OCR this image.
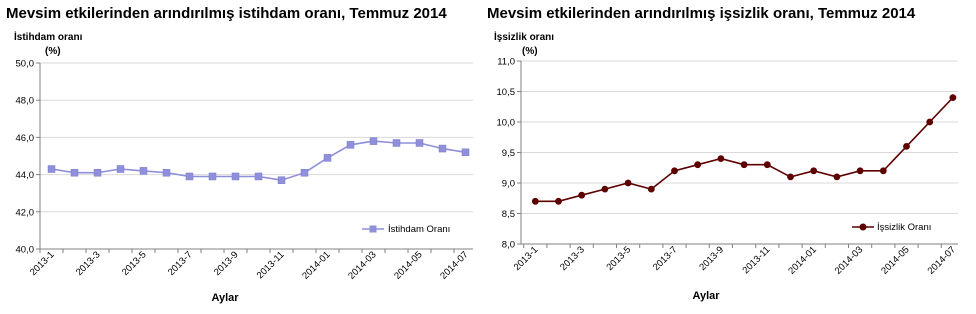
Mevsim etkilerinden arındırılmış istihdam oranı, Temmuz 2014
İstihdam oranı
(%)
Aylar
40,0
42,0
44,0
46,0
48,0
50,0
2013-1 2013-3 2013-5 2013-7 2013-9 2013-11 2014-01 2014-03 2014-05 2014-07
İstihdam Oranı
Mevsim etkilerinden arındırılmış işsizlik oranı, Temmuz 2014
İşsizlik oranı
(%)
Aylar
8,0
8,5
9,0
9,5
10,0
10,5
11,0
2013-1 2013-3 2013-5 2013-7 2013-9 2013-11 2014-01 2014-03 2014-05 2014-07
İşsizlik Oranı
